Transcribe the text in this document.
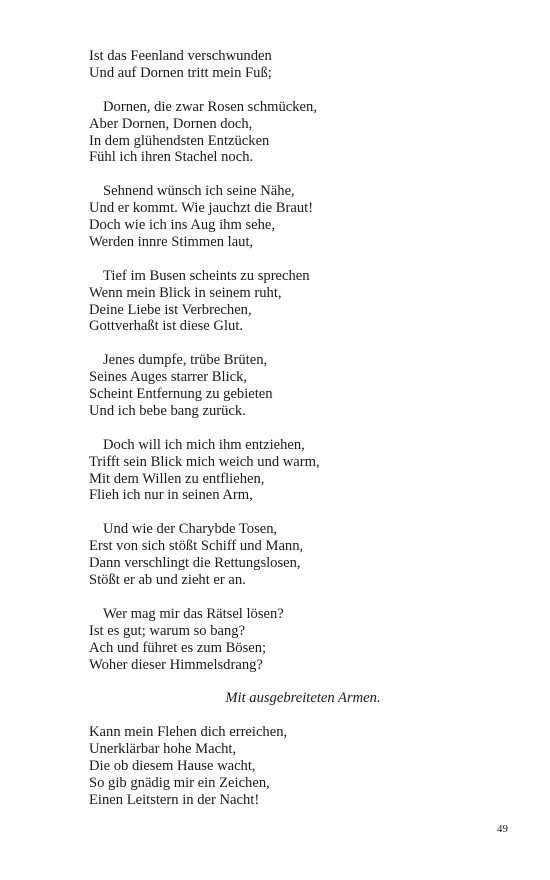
Ist das Feenland verschwunden
Und auf Dornen tritt mein Fuß;
Dornen, die zwar Rosen schmücken,
Aber Dornen, Dornen doch,
In dem glühendsten Entzücken
Fühl ich ihren Stachel noch.
Sehnend wünsch ich seine Nähe,
Und er kommt. Wie jauchzt die Braut!
Doch wie ich ins Aug ihm sehe,
Werden innre Stimmen laut,
Tief im Busen scheints zu sprechen
Wenn mein Blick in seinem ruht,
Deine Liebe ist Verbrechen,
Gottverhaßt ist diese Glut.
Jenes dumpfe, trübe Brüten,
Seines Auges starrer Blick,
Scheint Entfernung zu gebieten
Und ich bebe bang zurück.
Doch will ich mich ihm entziehen,
Trifft sein Blick mich weich und warm,
Mit dem Willen zu entfliehen,
Flieh ich nur in seinen Arm,
Und wie der Charybde Tosen,
Erst von sich stößt Schiff und Mann,
Dann verschlingt die Rettungslosen,
Stößt er ab und zieht er an.
Wer mag mir das Rätsel lösen?
Ist es gut; warum so bang?
Ach und führet es zum Bösen;
Woher dieser Himmelsdrang?
Mit ausgebreiteten Armen.
Kann mein Flehen dich erreichen,
Unerklärbar hohe Macht,
Die ob diesem Hause wacht,
So gib gnädig mir ein Zeichen,
Einen Leitstern in der Nacht!
49
